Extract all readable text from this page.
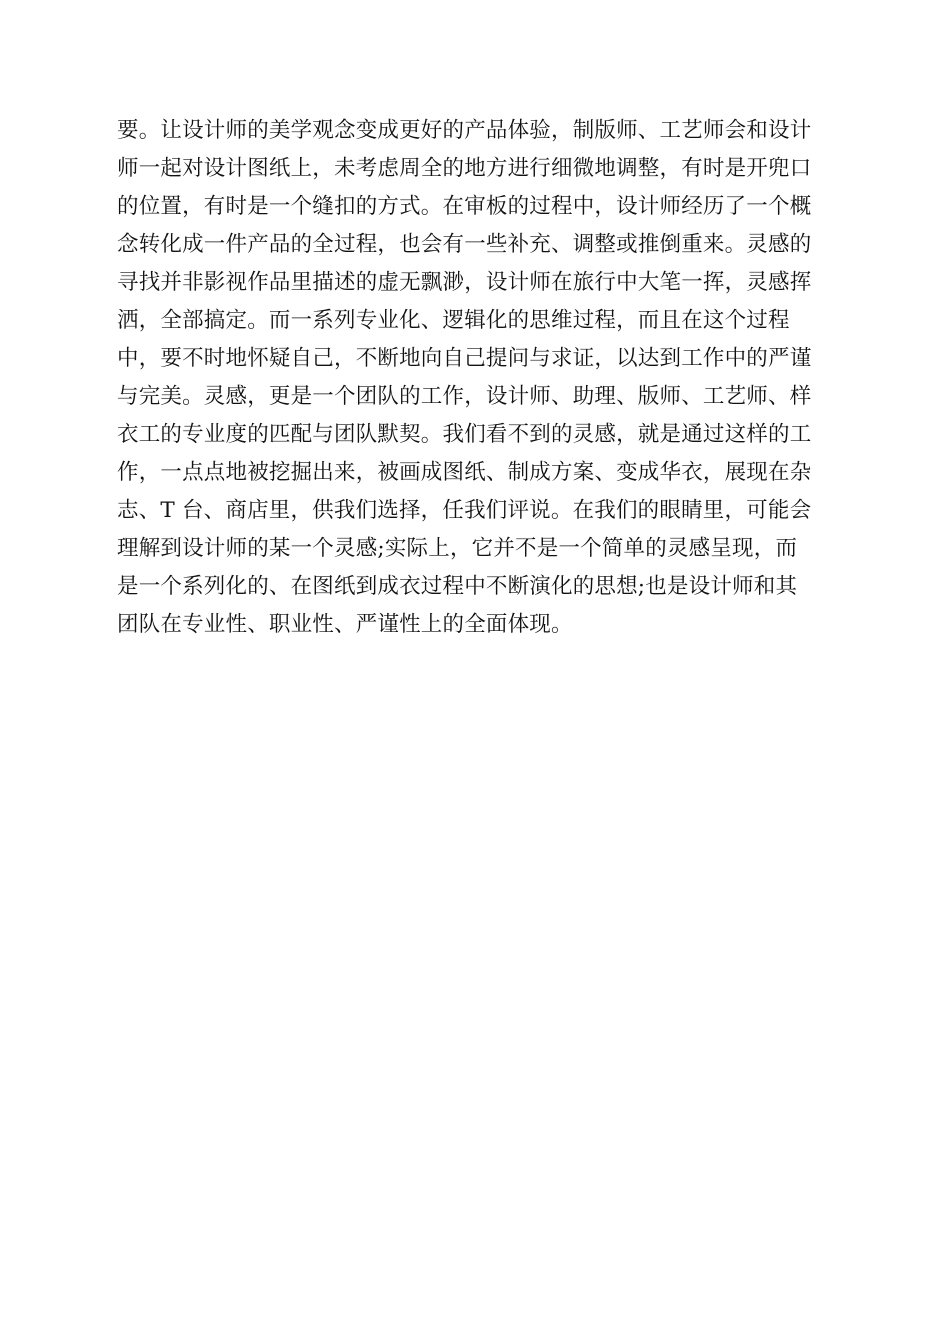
要。让设计师的美学观念变成更好的产品体验，制版师、工艺师会和设计
师一起对设计图纸上，未考虑周全的地方进行细微地调整，有时是开兜口
的位置，有时是一个缝扣的方式。在审板的过程中，设计师经历了一个概
念转化成一件产品的全过程，也会有一些补充、调整或推倒重来。灵感的
寻找并非影视作品里描述的虚无飘渺，设计师在旅行中大笔一挥，灵感挥
洒，全部搞定。而一系列专业化、逻辑化的思维过程，而且在这个过程
中，要不时地怀疑自己，不断地向自己提问与求证，以达到工作中的严谨
与完美。灵感，更是一个团队的工作，设计师、助理、版师、工艺师、样
衣工的专业度的匹配与团队默契。我们看不到的灵感，就是通过这样的工
作，一点点地被挖掘出来，被画成图纸、制成方案、变成华衣，展现在杂
志、T 台、商店里，供我们选择，任我们评说。在我们的眼睛里，可能会
理解到设计师的某一个灵感;实际上，它并不是一个简单的灵感呈现，而
是一个系列化的、在图纸到成衣过程中不断演化的思想;也是设计师和其
团队在专业性、职业性、严谨性上的全面体现。
